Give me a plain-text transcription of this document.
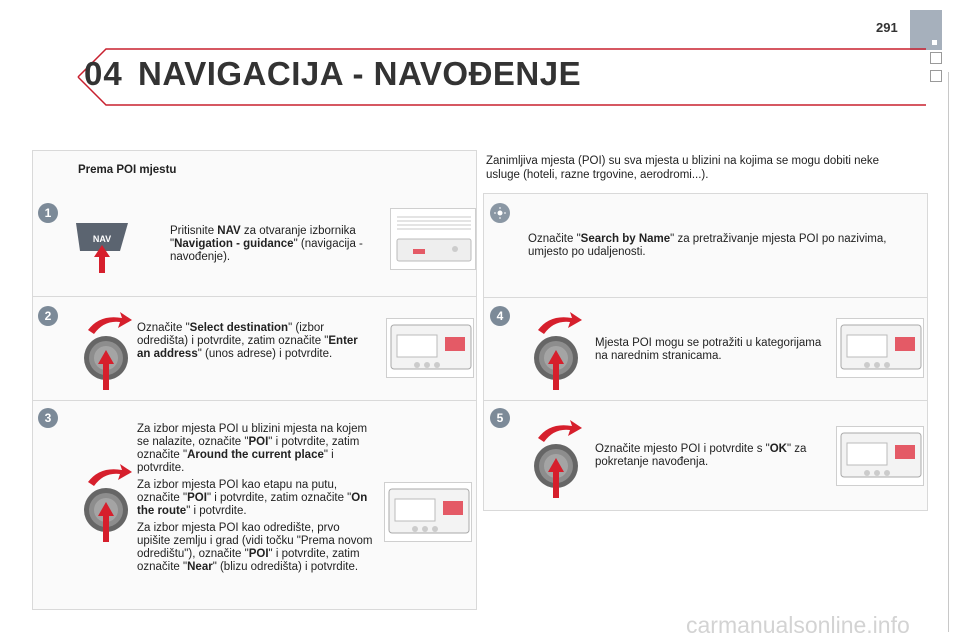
291
04 NAVIGACIJA - NAVOĐENJE
Prema POI mjestu
Zanimljiva mjesta (POI) su sva mjesta u blizini na kojima se mogu dobiti neke usluge (hoteli, razne trgovine, aerodromi...).
1
NAV
Pritisnite NAV za otvaranje izbornika "Navigation - guidance" (navigacija - navođenje).
2
Označite "Select destination" (izbor odredišta) i potvrdite, zatim označite "Enter an address" (unos adrese) i potvrdite.
3

Za izbor mjesta POI u blizini mjesta na kojem se nalazite, označite "POI" i potvrdite, zatim označite "Around the current place" i potvrdite.

Za izbor mjesta POI kao etapu na putu, označite "POI" i potvrdite, zatim označite "On the route" i potvrdite.

Za izbor mjesta POI kao odredište, prvo upišite zemlju i grad (vidi točku "Prema novom odredištu"), označite "POI" i potvrdite, zatim označite "Near" (blizu odredišta) i potvrdite.

Označite "Search by Name" za pretraživanje mjesta POI po nazivima, umjesto po udaljenosti.
4
Mjesta POI mogu se potražiti u kategorijama na narednim stranicama.
5
Označite mjesto POI i potvrdite s "OK" za pokretanje navođenja.
carmanualsonline.info
